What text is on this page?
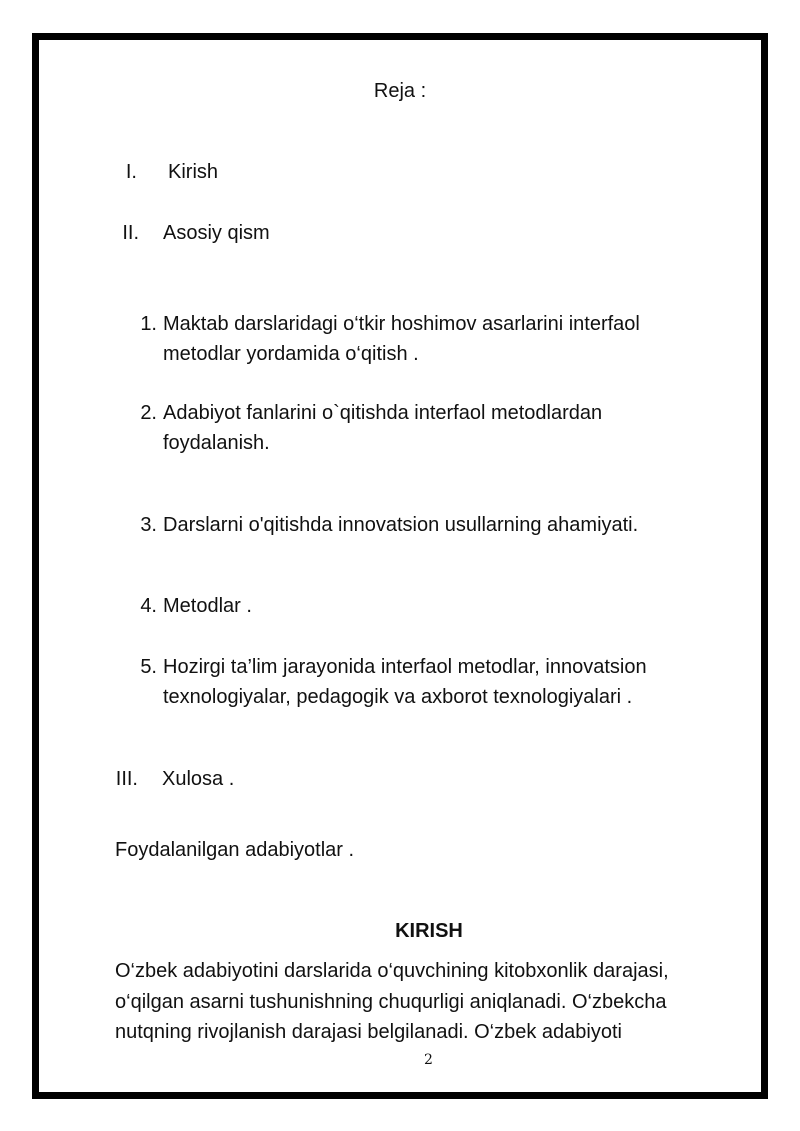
Reja :
I. Kirish
II. Asosiy qism
1. Maktab darslaridagi o‘tkir hoshimov asarlarini interfaol metodlar yordamida o‘qitish .
2. Adabiyot fanlarini o`qitishda interfaol metodlardan foydalanish.
3. Darslarni o'qitishda innovatsion usullarning ahamiyati.
4. Metodlar .
5. Hozirgi ta’lim jarayonida interfaol metodlar, innovatsion texnologiyalar, pedagogik va axborot texnologiyalari .
III. Xulosa .
Foydalanilgan adabiyotlar .
KIRISH
O‘zbek adabiyotini darslarida o‘quvchining kitobxonlik darajasi, o‘qilgan asarni tushunishning chuqurligi aniqlanadi. O‘zbekcha nutqning rivojlanish darajasi belgilanadi. O‘zbek adabiyoti
2
